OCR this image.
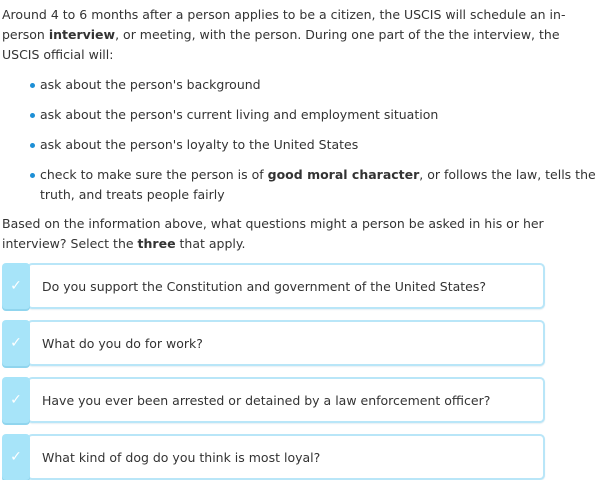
Around 4 to 6 months after a person applies to be a citizen, the USCIS will schedule an in-person interview, or meeting, with the person. During one part of the the interview, the USCIS official will:

ask about the person's background
ask about the person's current living and employment situation
ask about the person's loyalty to the United States
check to make sure the person is of good moral character, or follows the law, tells the truth, and treats people fairly

Based on the information above, what questions might a person be asked in his or her interview? Select the three that apply.

✓	Do you support the Constitution and government of the United States?
✓	What do you do for work?
✓	Have you ever been arrested or detained by a law enforcement officer?
✓	What kind of dog do you think is most loyal?
